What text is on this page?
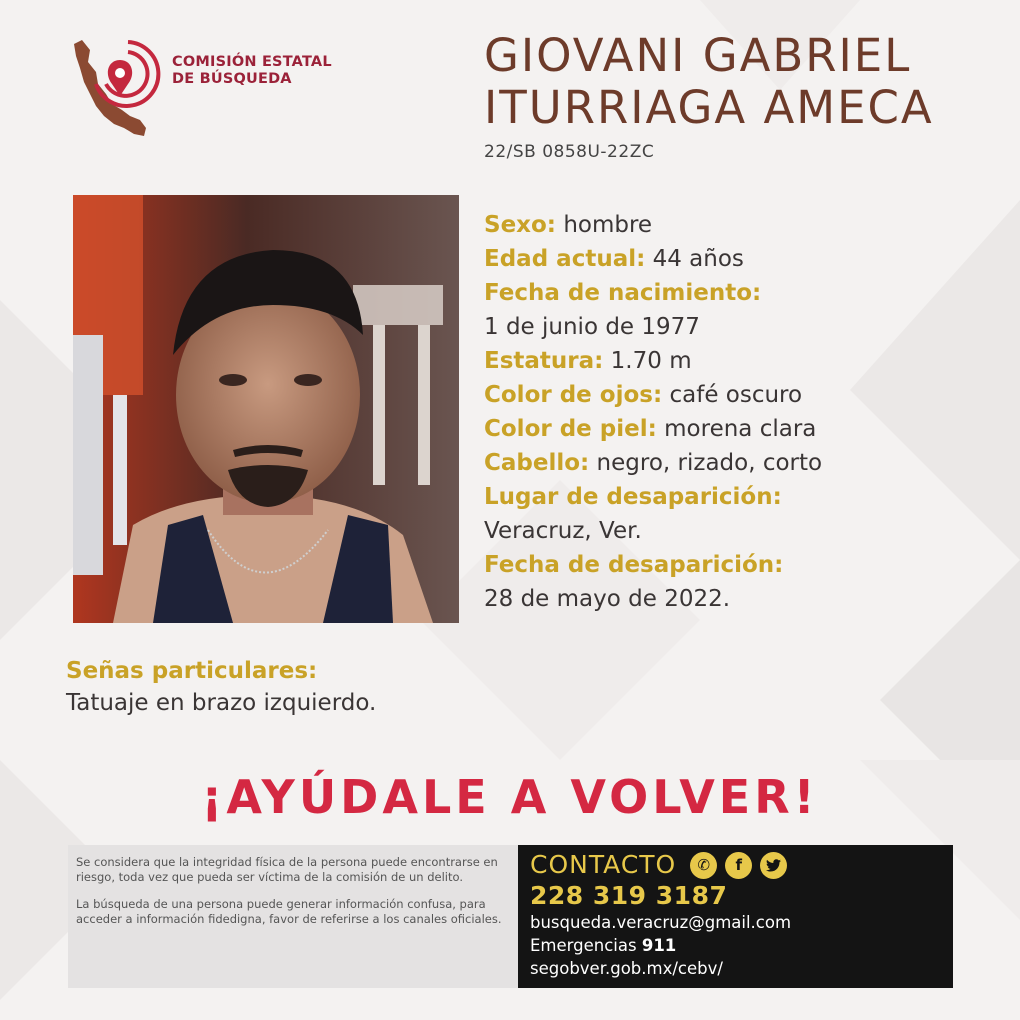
COMISIÓN ESTATAL
DE BÚSQUEDA	GIOVANI GABRIEL
ITURRIAGA AMECA
22/SB 0858U-22ZC
Sexo: hombre
Edad actual: 44 años
Fecha de nacimiento:
1 de junio de 1977
Estatura: 1.70 m
Color de ojos: café oscuro
Color de piel: morena clara
Cabello: negro, rizado, corto
Lugar de desaparición:
Veracruz, Ver.
Fecha de desaparición:
28 de mayo de 2022.
Señas particulares:
Tatuaje en brazo izquierdo.
¡AYÚDALE A VOLVER!

Se considera que la integridad física de la persona puede encontrarse en riesgo, toda vez que pueda ser víctima de la comisión de un delito.

La búsqueda de una persona puede generar información confusa, para acceder a información fidedigna, favor de referirse a los canales oficiales.

CONTACTO	✆	f
228 319 3187
busqueda.veracruz@gmail.com
Emergencias 911
segobver.gob.mx/cebv/
